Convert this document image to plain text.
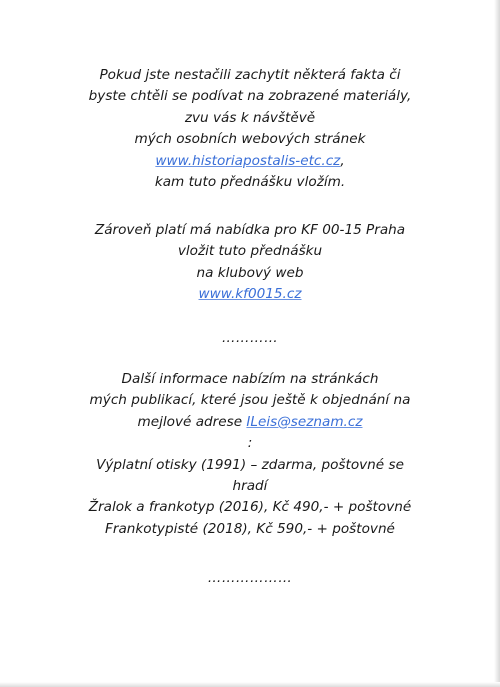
Pokud jste nestačili zachytit některá fakta či
byste chtěli se podívat na zobrazené materiály,
zvu vás k návštěvě
mých osobních webových stránek
www.historiapostalis-etc.cz,
kam tuto přednášku vložím.
Zároveň platí má nabídka pro KF 00-15 Praha
vložit tuto přednášku
na klubový web
www.kf0015.cz
…………
Další informace nabízím na stránkách
mých publikací, které jsou ještě k objednání na
mejlové adrese ILeis@seznam.cz
:
Výplatní otisky (1991) – zdarma, poštovné se
hradí
Žralok a frankotyp (2016), Kč 490,- + poštovné
Frankotypisté (2018), Kč 590,- + poštovné
………………
